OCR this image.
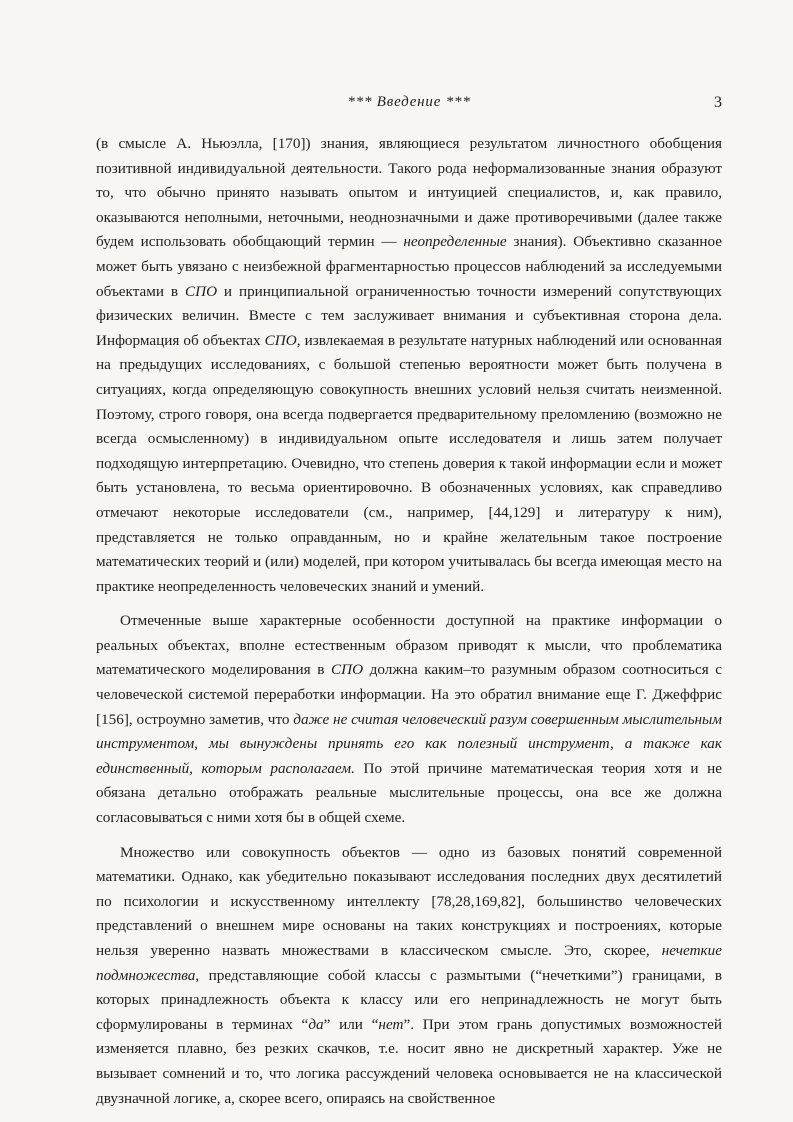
*** Введение ***	3

(в смысле А. Ньюэлла, [170]) знания, являющиеся результатом личностного обобщения позитивной индивидуальной деятельности. Такого рода неформализованные знания образуют то, что обычно принято называть опытом и интуицией специалистов, и, как правило, оказываются неполными, неточными, неоднозначными и даже противоречивыми (далее также будем использовать обобщающий термин — неопределенные знания). Объективно сказанное может быть увязано с неизбежной фрагментарностью процессов наблюдений за исследуемыми объектами в СПО и принципиальной ограниченностью точности измерений сопутствующих физических величин. Вместе с тем заслуживает внимания и субъективная сторона дела. Информация об объектах СПО, извлекаемая в результате натурных наблюдений или основанная на предыдущих исследованиях, с большой степенью вероятности может быть получена в ситуациях, когда определяющую совокупность внешних условий нельзя считать неизменной. Поэтому, строго говоря, она всегда подвергается предварительному преломлению (возможно не всегда осмысленному) в индивидуальном опыте исследователя и лишь затем получает подходящую интерпретацию. Очевидно, что степень доверия к такой информации если и может быть установлена, то весьма ориентировочно. В обозначенных условиях, как справедливо отмечают некоторые исследователи (см., например, [44,129] и литературу к ним), представляется не только оправданным, но и крайне желательным такое построение математических теорий и (или) моделей, при котором учитывалась бы всегда имеющая место на практике неопределенность человеческих знаний и умений.

Отмеченные выше характерные особенности доступной на практике информации о реальных объектах, вполне естественным образом приводят к мысли, что проблематика математического моделирования в СПО должна каким–то разумным образом соотноситься с человеческой системой переработки информации. На это обратил внимание еще Г. Джеффрис [156], остроумно заметив, что даже не считая человеческий разум совершенным мыслительным инструментом, мы вынуждены принять его как полезный инструмент, а также как единственный, которым располагаем. По этой причине математическая теория хотя и не обязана детально отображать реальные мыслительные процессы, она все же должна согласовываться с ними хотя бы в общей схеме.

Множество или совокупность объектов — одно из базовых понятий современной математики. Однако, как убедительно показывают исследования последних двух десятилетий по психологии и искусственному интеллекту [78,28,169,82], большинство человеческих представлений о внешнем мире основаны на таких конструкциях и построениях, которые нельзя уверенно назвать множествами в классическом смысле. Это, скорее, нечеткие подмножества, представляющие собой классы с размытыми (“нечеткими”) границами, в которых принадлежность объекта к классу или его непринадлежность не могут быть сформулированы в терминах “да” или “нет”. При этом грань допустимых возможностей изменяется плавно, без резких скачков, т.е. носит явно не дискретный характер. Уже не вызывает сомнений и то, что логика рассуждений человека основывается не на классической двузначной логике, а, скорее всего, опираясь на свойственное
